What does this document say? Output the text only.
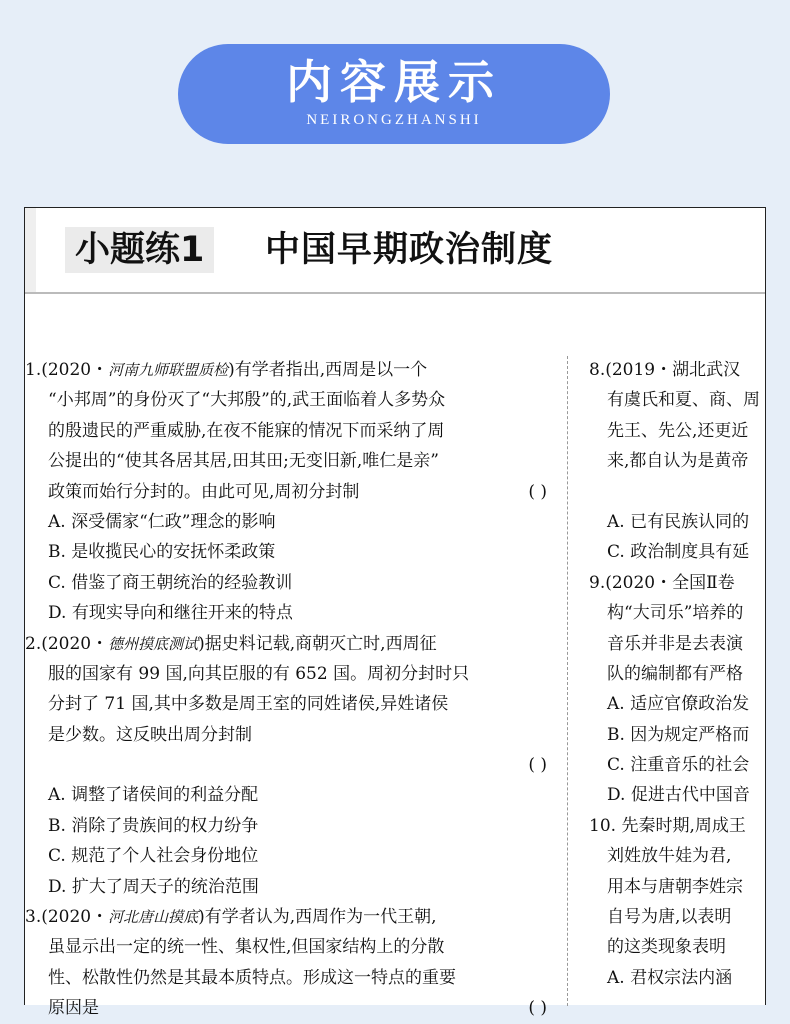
内容展示
NEIRONGZHANSHI
小题练1 中国早期政治制度
1.(2020・河南九师联盟质检)有学者指出,西周是以一个
“小邦周”的身份灭了“大邦殷”的,武王面临着人多势众
的殷遗民的严重威胁,在夜不能寐的情况下而采纳了周
公提出的“使其各居其居,田其田;无变旧新,唯仁是亲”
政策而始行分封的。由此可见,周初分封制	( )
A. 深受儒家“仁政”理念的影响
B. 是收揽民心的安抚怀柔政策
C. 借鉴了商王朝统治的经验教训
D. 有现实导向和继往开来的特点
2.(2020・德州摸底测试)据史料记载,商朝灭亡时,西周征
服的国家有 99 国,向其臣服的有 652 国。周初分封时只
分封了 71 国,其中多数是周王室的同姓诸侯,异姓诸侯
是少数。这反映出周分封制
( )
A. 调整了诸侯间的利益分配
B. 消除了贵族间的权力纷争
C. 规范了个人社会身份地位
D. 扩大了周天子的统治范围
3.(2020・河北唐山摸底)有学者认为,西周作为一代王朝,
虽显示出一定的统一性、集权性,但国家结构上的分散
性、松散性仍然是其最本质特点。形成这一特点的重要
原因是	( )
8.(2019・湖北武汉
有虞氏和夏、商、周
先王、先公,还更近
来,都自认为是黄帝
A. 已有民族认同的
C. 政治制度具有延
9.(2020・全国Ⅱ卷
构“大司乐”培养的
音乐并非是去表演
队的编制都有严格
A. 适应官僚政治发
B. 因为规定严格而
C. 注重音乐的社会
D. 促进古代中国音
10. 先秦时期,周成王
刘姓放牛娃为君,
用本与唐朝李姓宗
自号为唐,以表明
的这类现象表明
A. 君权宗法内涵
